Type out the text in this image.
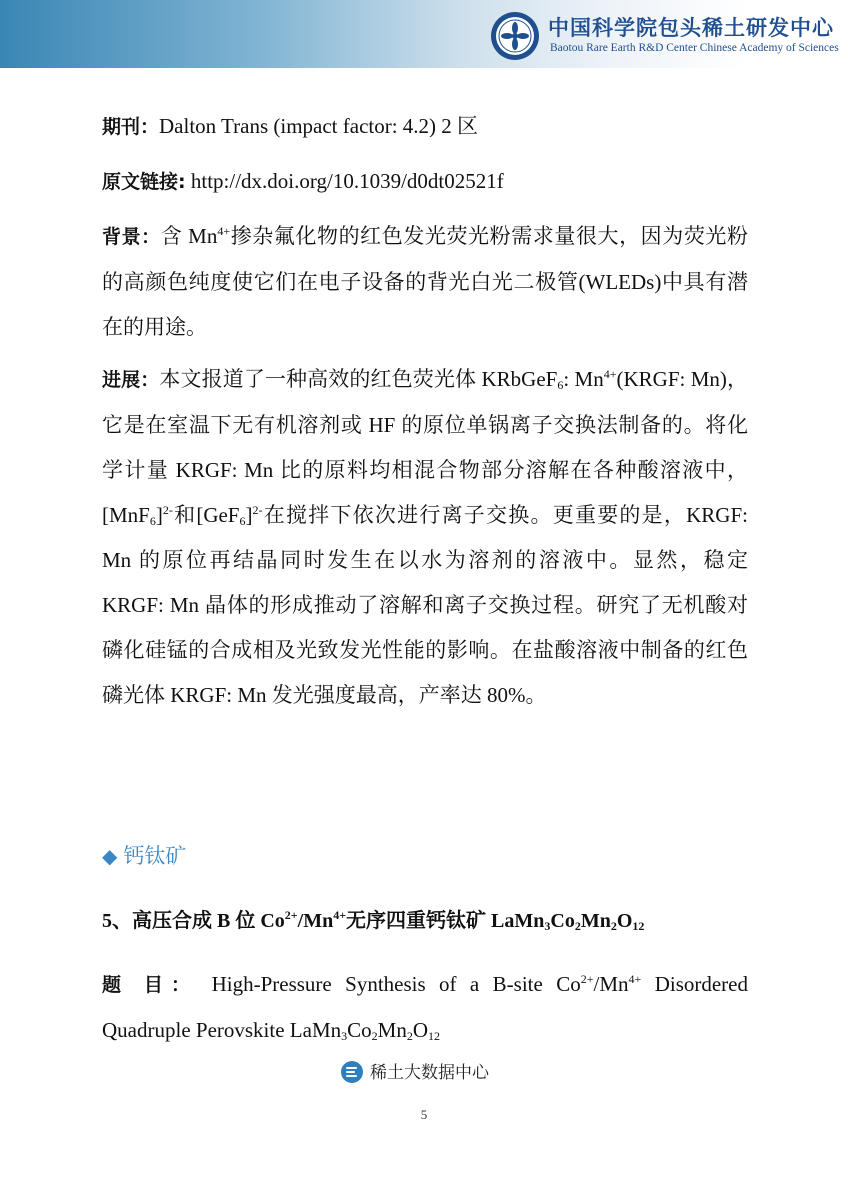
中国科学院包头稀土研发中心
Baotou Rare Earth R&D Center Chinese Academy of Sciences
期刊：Dalton Trans (impact factor: 4.2) 2 区
原文链接: http://dx.doi.org/10.1039/d0dt02521f
背景：含 $Mn^{4+}$掺杂氟化物的红色发光荧光粉需求量很大，因为荧光粉的高颜色纯度使它们在电子设备的背光白光二极管(WLEDs)中具有潜在的用途。
进展：本文报道了一种高效的红色荧光体 KRbGeF$_6$: $Mn^{4+}(KRGF$: Mn)，它是在室温下无有机溶剂或 HF 的原位单锅离子交换法制备的。将化学计量 KRGF: Mn 比的原料均相混合物部分溶解在各种酸溶液中，$[MnF_6]^{2-}$和$[GeF_6]^{2-}$在搅拌下依次进行离子交换。更重要的是，KRGF: Mn 的原位再结晶同时发生在以水为溶剂的溶液中。显然，稳定 KRGF: Mn 晶体的形成推动了溶解和离子交换过程。研究了无机酸对磷化硅锰的合成相及光致发光性能的影响。在盐酸溶液中制备的红色磷光体 KRGF: Mn 发光强度最高，产率达 80%。
◆ 钙钛矿
5、高压合成 B 位 $Co^{2+}/Mn^{4+}$无序四重钙钛矿 $LaMn_3Co_2Mn_2O_{12}$
题 目： High-Pressure Synthesis of a B-site $Co^{2+}/Mn^{4+}$ Disordered Quadruple Perovskite $LaMn_3Co_2Mn_2O_{12}$
稀土大数据中心
5
